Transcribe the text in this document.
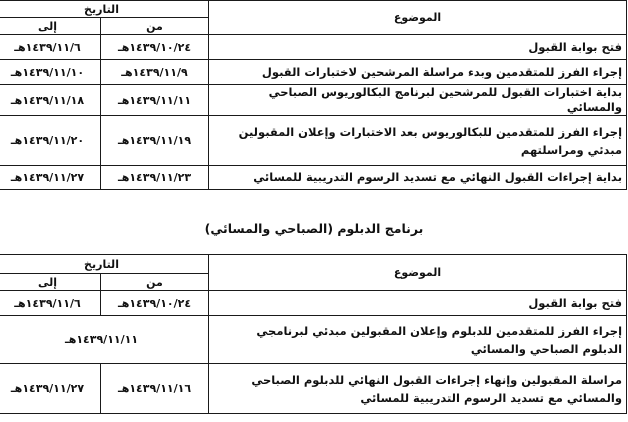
التاريخ		الموضوع
إلى	من	
١٤٣٩/١١/٦هـ	١٤٣٩/١٠/٢٤هـ	فتح بوابة القبول
١٤٣٩/١١/١٠هـ	١٤٣٩/١١/٩هـ	إجراء الفرز للمتقدمين وبدء مراسلة المرشحين لاختبارات القبول
١٤٣٩/١١/١٨هـ	١٤٣٩/١١/١١هـ	بداية اختبارات القبول للمرشحين لبرنامج البكالوريوس الصباحي والمسائي
١٤٣٩/١١/٢٠هـ	١٤٣٩/١١/١٩هـ	إجراء الفرز للمتقدمين للبكالوريوس بعد الاختبارات وإعلان المقبولين مبدئي ومراسلتهم
١٤٣٩/١١/٢٧هـ	١٤٣٩/١١/٢٣هـ	بداية إجراءات القبول النهائي مع تسديد الرسوم التدريبية للمسائي
برنامج الدبلوم (الصباحي والمسائي)
التاريخ		الموضوع
إلى	من	
١٤٣٩/١١/٦هـ	١٤٣٩/١٠/٢٤هـ	فتح بوابة القبول
١٤٣٩/١١/١١هـ		إجراء الفرز للمتقدمين للدبلوم وإعلان المقبولين مبدئي لبرنامجي الدبلوم الصباحي والمسائي
١٤٣٩/١١/٢٧هـ	١٤٣٩/١١/١٦هـ	مراسلة المقبولين وإنهاء إجراءات القبول النهائي للدبلوم الصباحي والمسائي مع تسديد الرسوم التدريبية للمسائي
